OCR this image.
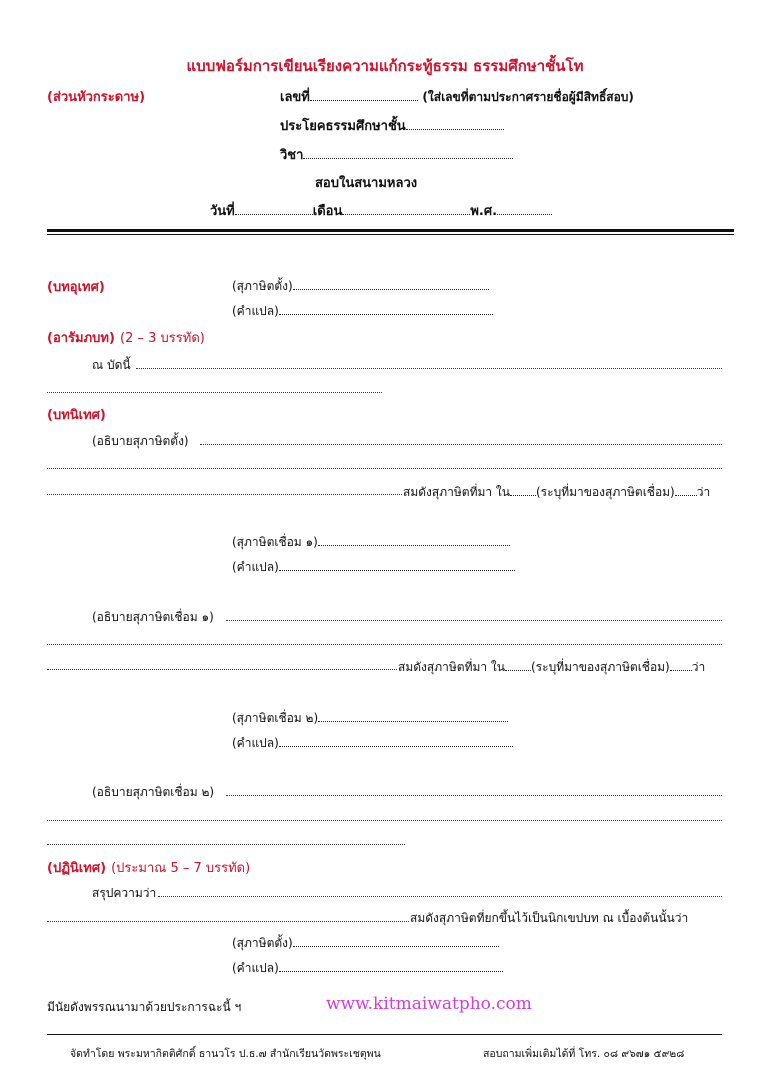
แบบฟอร์มการเขียนเรียงความแก้กระทู้ธรรม ธรรมศึกษาชั้นโท
(ส่วนหัวกระดาษ)	เลขที่	(ใส่เลขที่ตามประกาศรายชื่อผู้มีสิทธิ์สอบ)
ประโยคธรรมศึกษาชั้น
วิชา
สอบในสนามหลวง
วันที่	เดือน	พ.ศ.
(บทอุเทศ)	(สุภาษิตตั้ง)
(คำแปล)
(อารัมภบท) (2 – 3 บรรทัด)
ณ บัดนี้
(บทนิเทศ)
(อธิบายสุภาษิตตั้ง)
สมดังสุภาษิตที่มา ใน (ระบุที่มาของสุภาษิตเชื่อม) ว่า
(สุภาษิตเชื่อม ๑)
(คำแปล)
(อธิบายสุภาษิตเชื่อม ๑)
สมดังสุภาษิตที่มา ใน (ระบุที่มาของสุภาษิตเชื่อม) ว่า
(สุภาษิตเชื่อม ๒)
(คำแปล)
(อธิบายสุภาษิตเชื่อม ๒)
(ปฏินิเทศ) (ประมาณ 5 – 7 บรรทัด)
สรุปความว่า
สมดังสุภาษิตที่ยกขึ้นไว้เป็นนิกเขปบท ณ เบื้องต้นนั้นว่า
(สุภาษิตตั้ง)
(คำแปล)
มีนัยดังพรรณนามาด้วยประการฉะนี้ ฯ	www.kitmaiwatpho.com
จัดทำโดย พระมหากิตติศักดิ์ ธานวโร ป.ธ.๗ สำนักเรียนวัดพระเชตุพน	สอบถามเพิ่มเติมได้ที่ โทร. ๐๘ ๙๖๗๑ ๕๙๒๘
